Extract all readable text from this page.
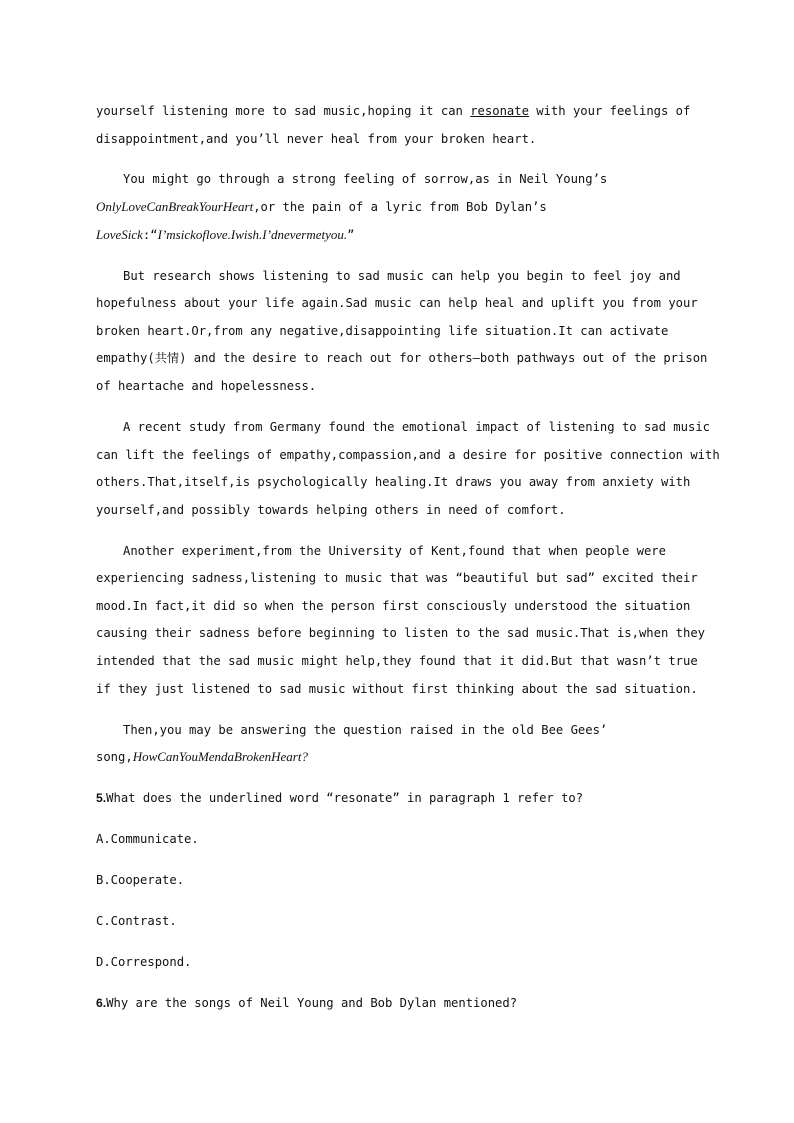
yourself listening more to sad music,hoping it can resonate with your feelings of
disappointment,and you’ll never heal from your broken heart.
You might go through a strong feeling of sorrow,as in Neil Young’s
OnlyLoveCanBreakYourHeart,or the pain of a lyric from Bob Dylan’s
LoveSick:“I’msickoflove.Iwish.I’dnevermetyou.”
But research shows listening to sad music can help you begin to feel joy and
hopefulness about your life again.Sad music can help heal and uplift you from your
broken heart.Or,from any negative,disappointing life situation.It can activate
empathy(共情) and the desire to reach out for others—both pathways out of the prison
of heartache and hopelessness.
A recent study from Germany found the emotional impact of listening to sad music
can lift the feelings of empathy,compassion,and a desire for positive connection with
others.That,itself,is psychologically healing.It draws you away from anxiety with
yourself,and possibly towards helping others in need of comfort.
Another experiment,from the University of Kent,found that when people were
experiencing sadness,listening to music that was “beautiful but sad” excited their
mood.In fact,it did so when the person first consciously understood the situation
causing their sadness before beginning to listen to the sad music.That is,when they
intended that the sad music might help,they found that it did.But that wasn’t true
if they just listened to sad music without first thinking about the sad situation.
Then,you may be answering the question raised in the old Bee Gees’
song,HowCanYouMendaBrokenHeart?
5.What does the underlined word “resonate” in paragraph 1 refer to?
A.Communicate.
B.Cooperate.
C.Contrast.
D.Correspond.
6.Why are the songs of Neil Young and Bob Dylan mentioned?
